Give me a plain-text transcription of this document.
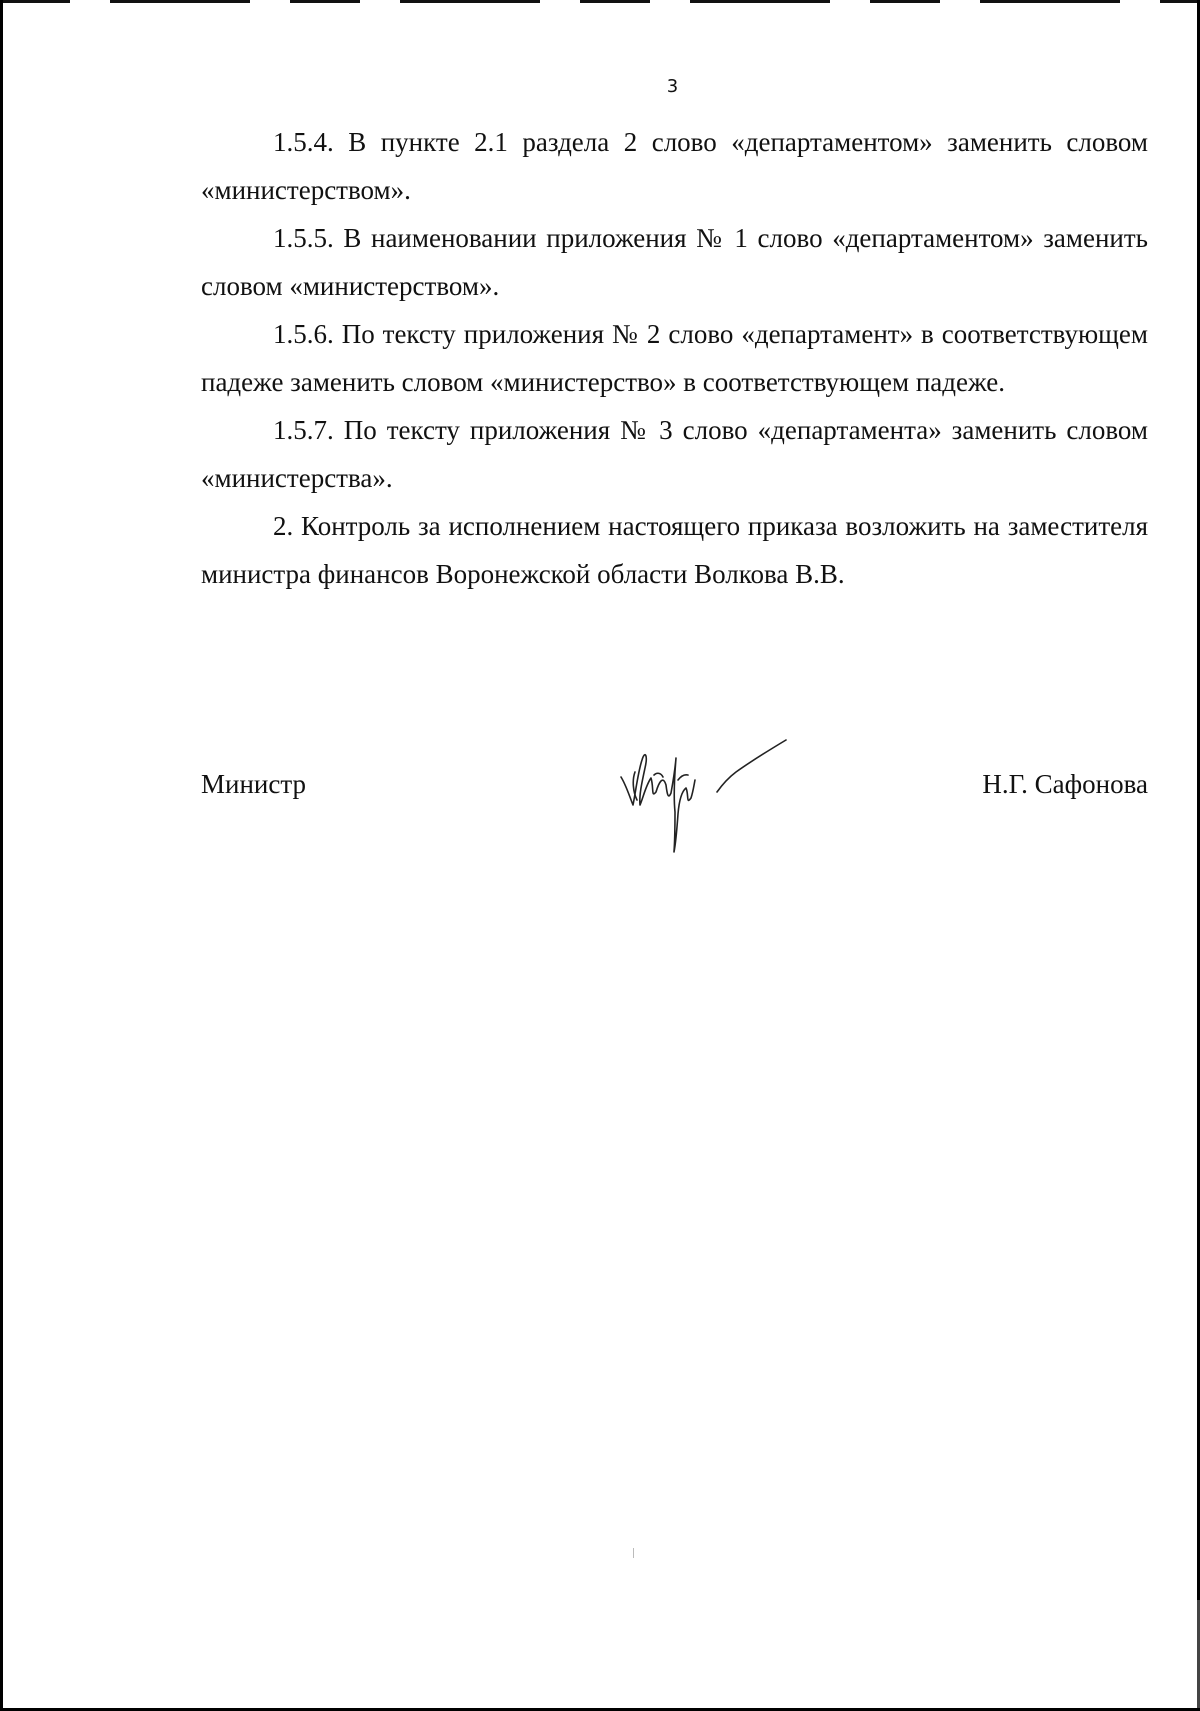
3

1.5.4. В пункте 2.1 раздела 2 слово «департаментом» заменить словом «министерством».

1.5.5. В наименовании приложения № 1 слово «департаментом» заменить словом «министерством».

1.5.6. По тексту приложения № 2 слово «департамент» в соответствующем падеже заменить словом «министерство» в соответствующем падеже.

1.5.7. По тексту приложения № 3 слово «департамента» заменить словом «министерства».

2. Контроль за исполнением настоящего приказа возложить на заместителя министра финансов Воронежской области Волкова В.В.

Министр	Н.Г. Сафонова
